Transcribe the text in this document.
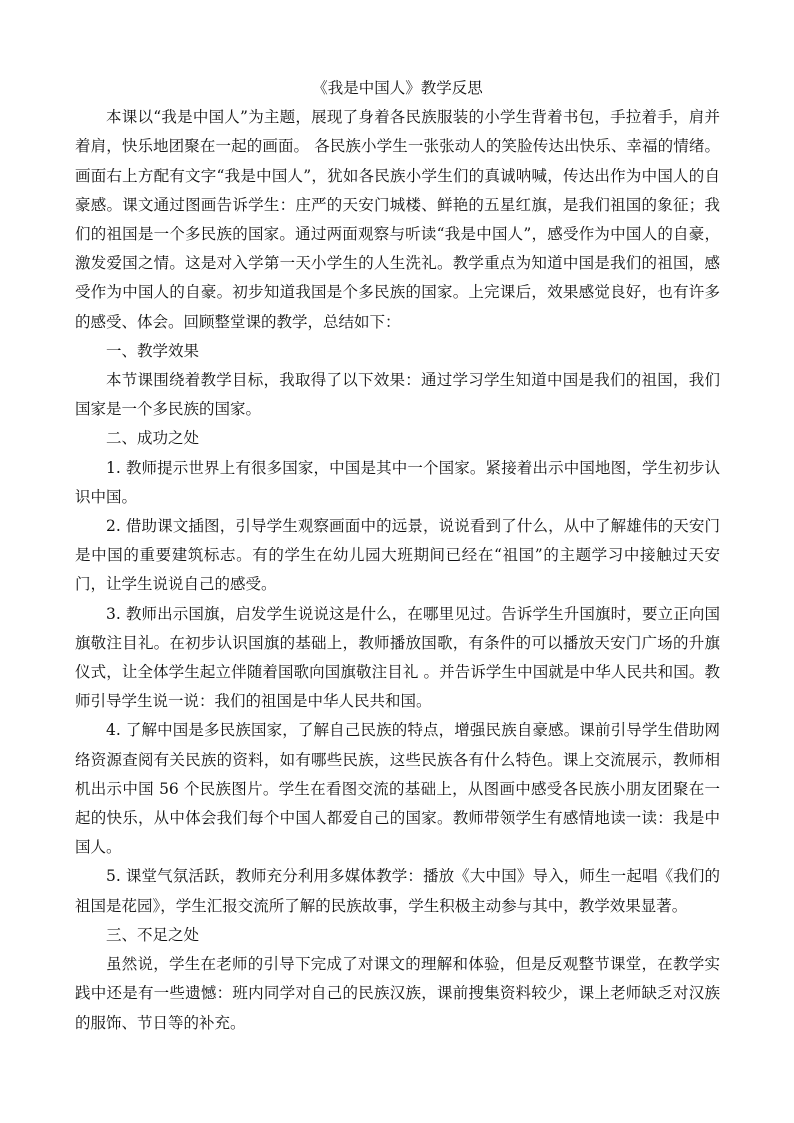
《我是中国人》教学反思

本课以“我是中国人”为主题，展现了身着各民族服装的小学生背着书包，手拉着手，肩并着肩，快乐地团聚在一起的画面。 各民族小学生一张张动人的笑脸传达出快乐、幸福的情绪。画面右上方配有文字“我是中国人”，犹如各民族小学生们的真诚呐喊，传达出作为中国人的自豪感。课文通过图画告诉学生：庄严的天安门城楼、鲜艳的五星红旗，是我们祖国的象征；我们的祖国是一个多民族的国家。通过两面观察与听读“我是中国人”，感受作为中国人的自豪，激发爱国之情。这是对入学第一天小学生的人生洗礼。教学重点为知道中国是我们的祖国，感受作为中国人的自豪。初步知道我国是个多民族的国家。上完课后，效果感觉良好，也有许多的感受、体会。回顾整堂课的教学，总结如下：

一、教学效果

本节课围绕着教学目标，我取得了以下效果：通过学习学生知道中国是我们的祖国，我们国家是一个多民族的国家。

二、成功之处

1. 教师提示世界上有很多国家，中国是其中一个国家。紧接着出示中国地图，学生初步认识中国。

2. 借助课文插图，引导学生观察画面中的远景，说说看到了什么，从中了解雄伟的天安门是中国的重要建筑标志。有的学生在幼儿园大班期间已经在“祖国”的主题学习中接触过天安门，让学生说说自己的感受。

3. 教师出示国旗，启发学生说说这是什么，在哪里见过。告诉学生升国旗时，要立正向国旗敬注目礼。在初步认识国旗的基础上，教师播放国歌，有条件的可以播放天安门广场的升旗仪式，让全体学生起立伴随着国歌向国旗敬注目礼 。并告诉学生中国就是中华人民共和国。教师引导学生说一说：我们的祖国是中华人民共和国。

4. 了解中国是多民族国家，了解自己民族的特点，增强民族自豪感。课前引导学生借助网络资源查阅有关民族的资料，如有哪些民族，这些民族各有什么特色。课上交流展示，教师相机出示中国 56 个民族图片。学生在看图交流的基础上，从图画中感受各民族小朋友团聚在一起的快乐，从中体会我们每个中国人都爱自己的国家。教师带领学生有感情地读一读：我是中国人。

5. 课堂气氛活跃，教师充分利用多媒体教学：播放《大中国》导入，师生一起唱《我们的祖国是花园》，学生汇报交流所了解的民族故事，学生积极主动参与其中，教学效果显著。

三、不足之处

虽然说，学生在老师的引导下完成了对课文的理解和体验，但是反观整节课堂，在教学实践中还是有一些遗憾：班内同学对自己的民族汉族，课前搜集资料较少，课上老师缺乏对汉族的服饰、节日等的补充。
